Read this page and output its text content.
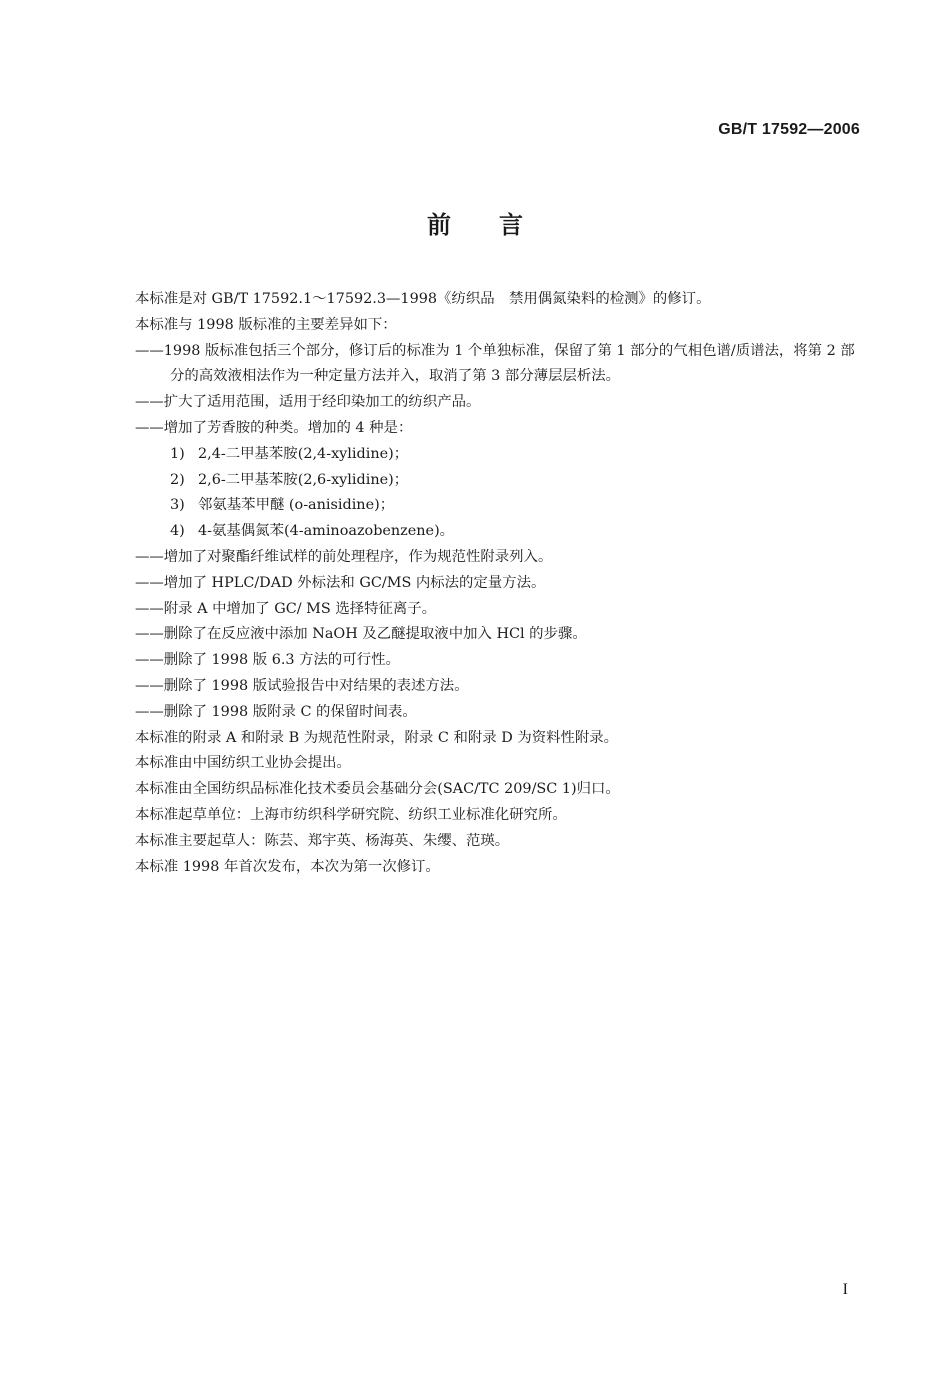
GB/T 17592—2006
前言
本标准是对 GB/T 17592.1～17592.3—1998《纺织品　禁用偶氮染料的检测》的修订。
本标准与 1998 版标准的主要差异如下：
——1998 版标准包括三个部分，修订后的标准为 1 个单独标准，保留了第 1 部分的气相色谱/质谱法，将第 2 部分的高效液相法作为一种定量方法并入，取消了第 3 部分薄层层析法。
——扩大了适用范围，适用于经印染加工的纺织产品。
——增加了芳香胺的种类。增加的 4 种是：
1) 2,4-二甲基苯胺(2,4-xylidine)；
2) 2,6-二甲基苯胺(2,6-xylidine)；
3) 邻氨基苯甲醚 (o-anisidine)；
4) 4-氨基偶氮苯(4-aminoazobenzene)。
——增加了对聚酯纤维试样的前处理程序，作为规范性附录列入。
——增加了 HPLC/DAD 外标法和 GC/MS 内标法的定量方法。
——附录 A 中增加了 GC/ MS 选择特征离子。
——删除了在反应液中添加 NaOH 及乙醚提取液中加入 HCl 的步骤。
——删除了 1998 版 6.3 方法的可行性。
——删除了 1998 版试验报告中对结果的表述方法。
——删除了 1998 版附录 C 的保留时间表。
本标准的附录 A 和附录 B 为规范性附录，附录 C 和附录 D 为资料性附录。
本标准由中国纺织工业协会提出。
本标准由全国纺织品标准化技术委员会基础分会(SAC/TC 209/SC 1)归口。
本标准起草单位：上海市纺织科学研究院、纺织工业标准化研究所。
本标准主要起草人：陈芸、郑宇英、杨海英、朱缨、范瑛。
本标准 1998 年首次发布，本次为第一次修订。
I
